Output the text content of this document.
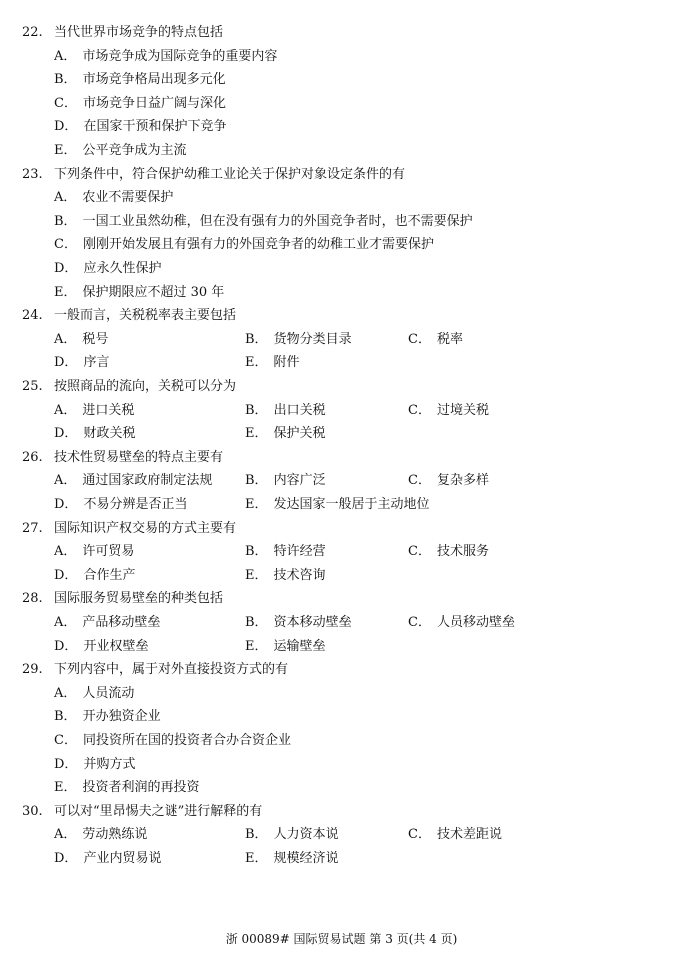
22. 当代世界市场竞争的特点包括
A． 市场竞争成为国际竞争的重要内容
B． 市场竞争格局出现多元化
C． 市场竞争日益广阔与深化
D． 在国家干预和保护下竞争
E． 公平竞争成为主流
23. 下列条件中，符合保护幼稚工业论关于保护对象设定条件的有
A． 农业不需要保护
B． 一国工业虽然幼稚，但在没有强有力的外国竞争者时，也不需要保护
C． 刚刚开始发展且有强有力的外国竞争者的幼稚工业才需要保护
D． 应永久性保护
E． 保护期限应不超过 30 年
24. 一般而言，关税税率表主要包括
A． 税号	B． 货物分类目录	C． 税率
D． 序言	E． 附件
25. 按照商品的流向，关税可以分为
A． 进口关税	B． 出口关税	C． 过境关税
D． 财政关税	E． 保护关税
26. 技术性贸易壁垒的特点主要有
A． 通过国家政府制定法规	B． 内容广泛	C． 复杂多样
D． 不易分辨是否正当	E． 发达国家一般居于主动地位
27. 国际知识产权交易的方式主要有
A． 许可贸易	B． 特许经营	C． 技术服务
D． 合作生产	E． 技术咨询
28. 国际服务贸易壁垒的种类包括
A． 产品移动壁垒	B． 资本移动壁垒	C． 人员移动壁垒
D． 开业权壁垒	E． 运输壁垒
29. 下列内容中，属于对外直接投资方式的有
A． 人员流动
B． 开办独资企业
C． 同投资所在国的投资者合办合资企业
D． 并购方式
E． 投资者利润的再投资
30. 可以对“里昂惕夫之谜”进行解释的有
A． 劳动熟练说	B． 人力资本说	C． 技术差距说
D． 产业内贸易说	E． 规模经济说
浙 00089# 国际贸易试题 第 3 页(共 4 页)
